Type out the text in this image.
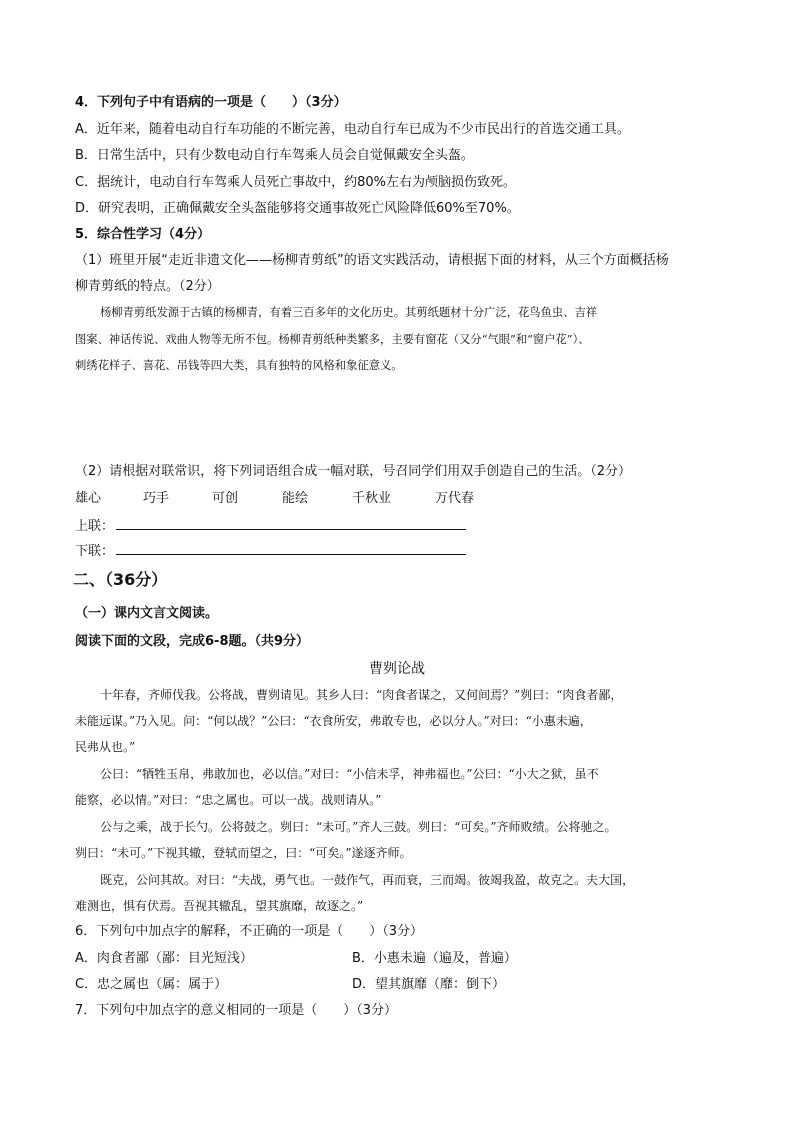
4．下列句子中有语病的一项是（　　）（3分）
A．近年来，随着电动自行车功能的不断完善，电动自行车已成为不少市民出行的首选交通工具。
B．日常生活中，只有少数电动自行车驾乘人员会自觉佩戴安全头盔。
C．据统计，电动自行车驾乘人员死亡事故中，约80%左右为颅脑损伤致死。
D．研究表明，正确佩戴安全头盔能够将交通事故死亡风险降低60%至70%。
5．综合性学习（4分）
（1）班里开展“走近非遗文化——杨柳青剪纸”的语文实践活动，请根据下面的材料，从三个方面概括杨
柳青剪纸的特点。（2分）
杨柳青剪纸发源于古镇的杨柳青，有着三百多年的文化历史。其剪纸题材十分广泛，花鸟鱼虫、吉祥
图案、神话传说、戏曲人物等无所不包。杨柳青剪纸种类繁多，主要有窗花（又分“气眼”和“窗户花”）、
刺绣花样子、喜花、吊钱等四大类，具有独特的风格和象征意义。
（2）请根据对联常识，将下列词语组合成一幅对联，号召同学们用双手创造自己的生活。（2分）
雄心	巧手	可创	能绘	千秋业	万代春
上联：
下联：
二、（36分）
（一）课内文言文阅读。
阅读下面的文段，完成6-8题。（共9分）
曹刿论战
十年春，齐师伐我。公将战，曹刿请见。其乡人曰：“肉食者谋之，又何间焉？”刿曰：“肉食者鄙，
未能远谋。”乃入见。问：“何以战？”公曰：“衣食所安，弗敢专也，必以分人。”对曰：“小惠未遍，
民弗从也。”
公曰：“牺牲玉帛，弗敢加也，必以信。”对曰：“小信未孚，神弗福也。”公曰：“小大之狱，虽不
能察，必以情。”对曰：“忠之属也。可以一战。战则请从。”
公与之乘，战于长勺。公将鼓之。刿曰：“未可。”齐人三鼓。刿曰：“可矣。”齐师败绩。公将驰之。
刿曰：“未可。”下视其辙，登轼而望之，曰：“可矣。”遂逐齐师。
既克，公问其故。对曰：“夫战，勇气也。一鼓作气，再而衰，三而竭。彼竭我盈，故克之。夫大国，
难测也，惧有伏焉。吾视其辙乱，望其旗靡，故逐之。”
6．下列句中加点字的解释，不正确的一项是（　　）（3分）
A．肉食者鄙（鄙：目光短浅）	B．小惠未遍（遍及，普遍）
C．忠之属也（属：属于）	D．望其旗靡（靡：倒下）
7．下列句中加点字的意义相同的一项是（　　）（3分）
